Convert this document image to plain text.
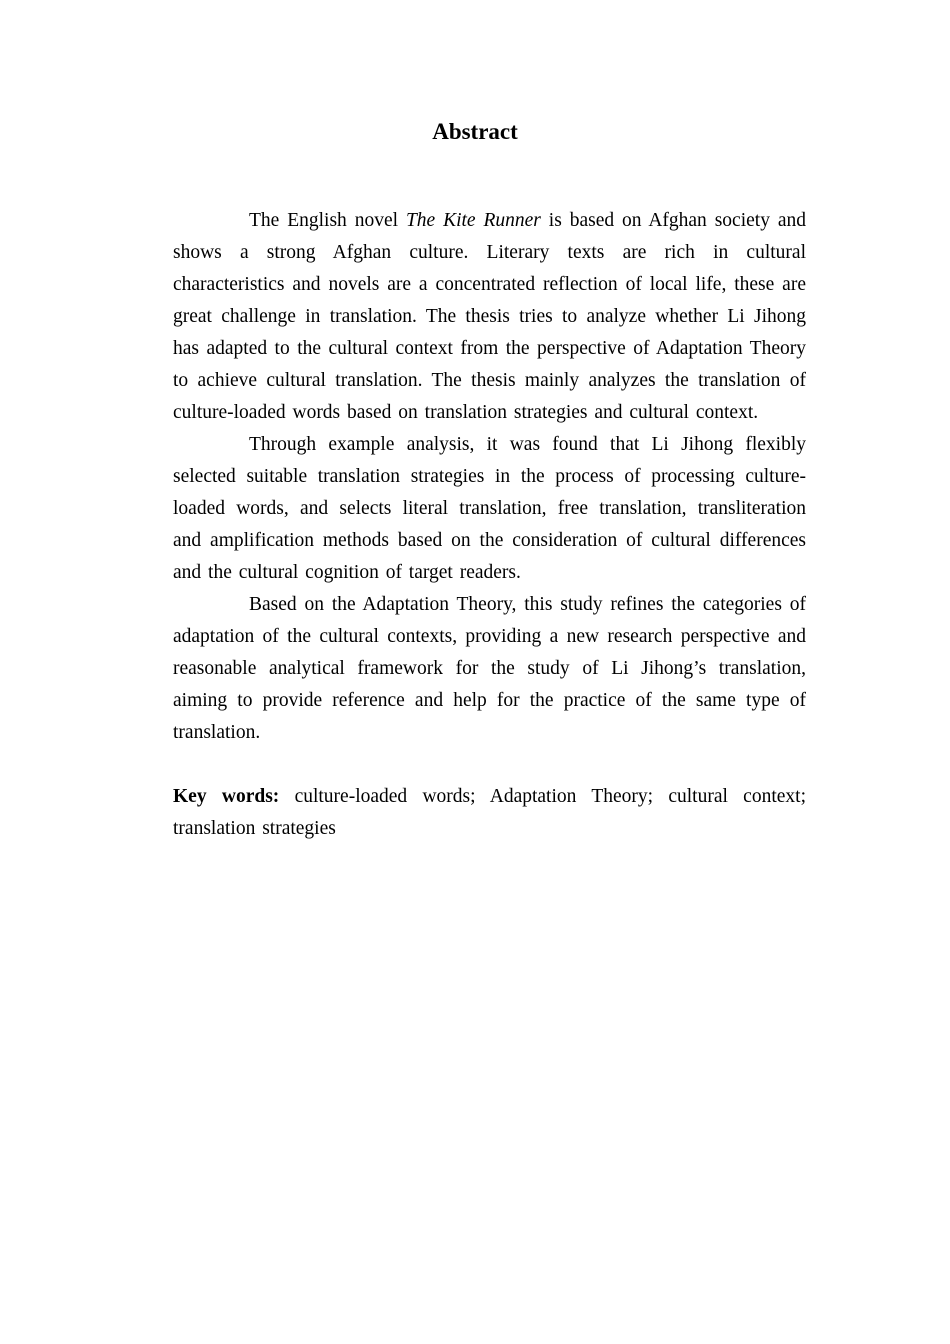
Abstract

The English novel The Kite Runner is based on Afghan society and shows a strong Afghan culture. Literary texts are rich in cultural characteristics and novels are a concentrated reflection of local life, these are great challenge in translation. The thesis tries to analyze whether Li Jihong has adapted to the cultural context from the perspective of Adaptation Theory to achieve cultural translation. The thesis mainly analyzes the translation of culture-loaded words based on translation strategies and cultural context.

Through example analysis, it was found that Li Jihong flexibly selected suitable translation strategies in the process of processing culture-loaded words, and selects literal translation, free translation, transliteration and amplification methods based on the consideration of cultural differences and the cultural cognition of target readers.

Based on the Adaptation Theory, this study refines the categories of adaptation of the cultural contexts, providing a new research perspective and reasonable analytical framework for the study of Li Jihong’s translation, aiming to provide reference and help for the practice of the same type of translation.

Key words: culture-loaded words; Adaptation Theory; cultural context; translation strategies
